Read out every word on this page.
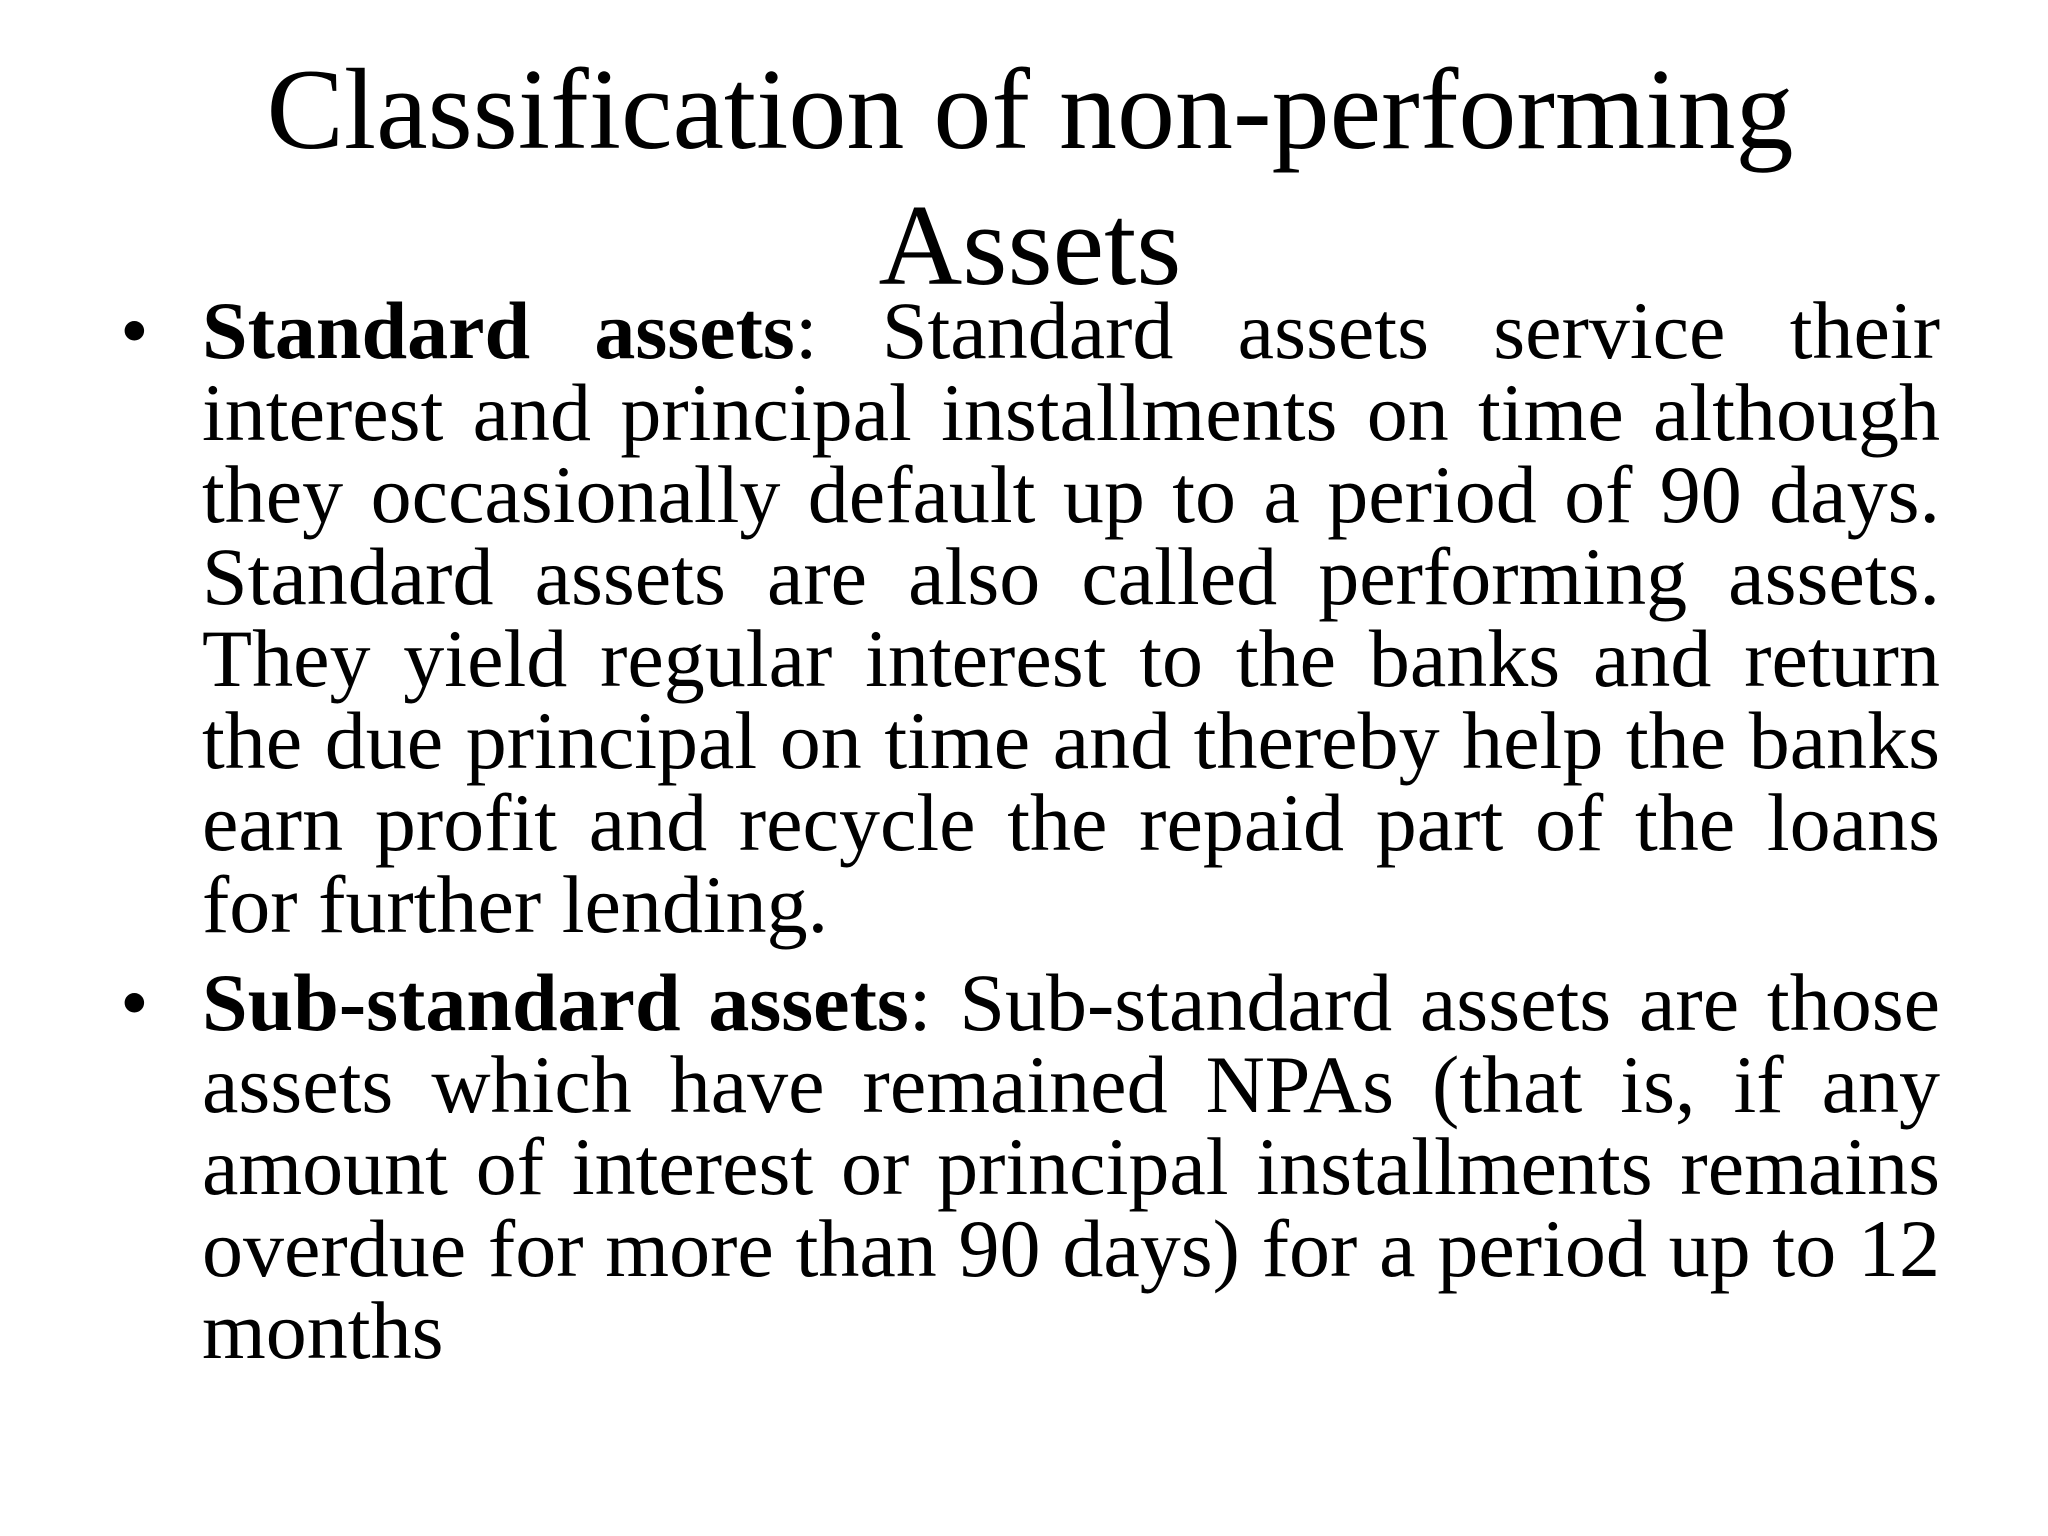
Classification of non-performing Assets
• Standard assets: Standard assets service their interest and principal installments on time although they occasionally default up to a period of 90 days. Standard assets are also called performing assets. They yield regular interest to the banks and return the due principal on time and thereby help the banks earn profit and recycle the repaid part of the loans for further lending.
• Sub-standard assets: Sub-standard assets are those assets which have remained NPAs (that is, if any amount of interest or principal installments remains overdue for more than 90 days) for a period up to 12 months
